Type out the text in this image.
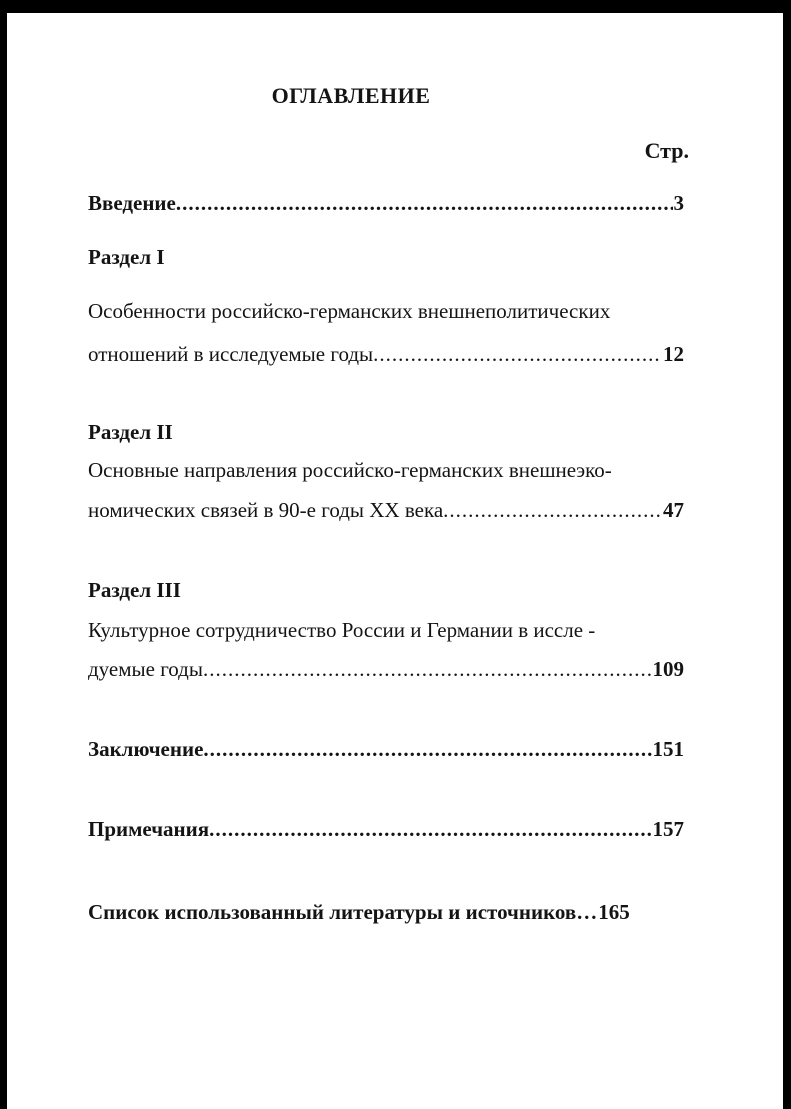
ОГЛАВЛЕНИЕ
Стр.
Введение .....	3
Раздел I
Особенности российско-германских внешнеполитических
отношений в исследуемые годы .....	12
Раздел II
Основные направления российско-германских внешнеэко-
номических связей в 90-е годы XX века .....	47
Раздел III
Культурное сотрудничество России и Германии в иссле -
дуемые годы .....	109
Заключение .....	151
Примечания .....	157
Список использованный литературы и источников… 165
